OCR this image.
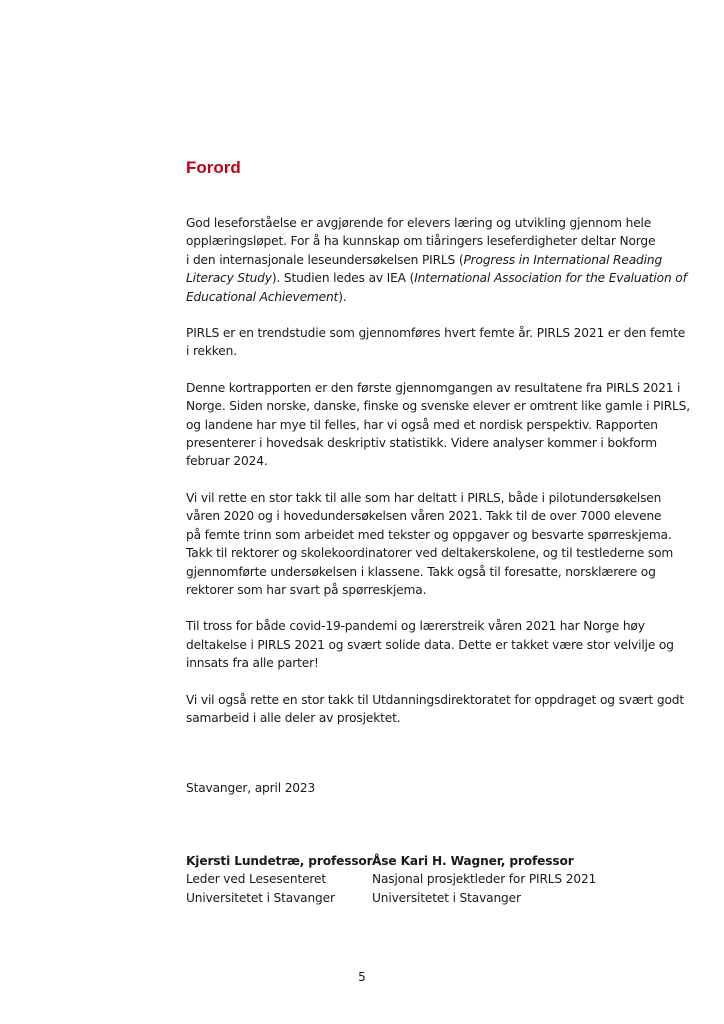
Forord

God leseforståelse er avgjørende for elevers læring og utvikling gjennom hele
opplæringsløpet. For å ha kunnskap om tiåringers leseferdigheter deltar Norge
i den internasjonale leseundersøkelsen PIRLS (Progress in International Reading
Literacy Study). Studien ledes av IEA (International Association for the Evaluation of
Educational Achievement).

PIRLS er en trendstudie som gjennomføres hvert femte år. PIRLS 2021 er den femte
i rekken.

Denne kortrapporten er den første gjennomgangen av resultatene fra PIRLS 2021 i
Norge. Siden norske, danske, finske og svenske elever er omtrent like gamle i PIRLS,
og landene har mye til felles, har vi også med et nordisk perspektiv. Rapporten
presenterer i hovedsak deskriptiv statistikk. Videre analyser kommer i bokform
februar 2024.

Vi vil rette en stor takk til alle som har deltatt i PIRLS, både i pilotundersøkelsen
våren 2020 og i hovedundersøkelsen våren 2021. Takk til de over 7000 elevene
på femte trinn som arbeidet med tekster og oppgaver og besvarte spørreskjema.
Takk til rektorer og skolekoordinatorer ved deltakerskolene, og til testlederne som
gjennomførte undersøkelsen i klassene. Takk også til foresatte, norsklærere og
rektorer som har svart på spørreskjema.

Til tross for både covid-19-pandemi og lærerstreik våren 2021 har Norge høy
deltakelse i PIRLS 2021 og svært solide data. Dette er takket være stor velvilje og
innsats fra alle parter!

Vi vil også rette en stor takk til Utdanningsdirektoratet for oppdraget og svært godt
samarbeid i alle deler av prosjektet.

Stavanger, april 2023

Kjersti Lundetræ, professor
Leder ved Lesesenteret
Universitetet i Stavanger
Åse Kari H. Wagner, professor
Nasjonal prosjektleder for PIRLS 2021
Universitetet i Stavanger
5
